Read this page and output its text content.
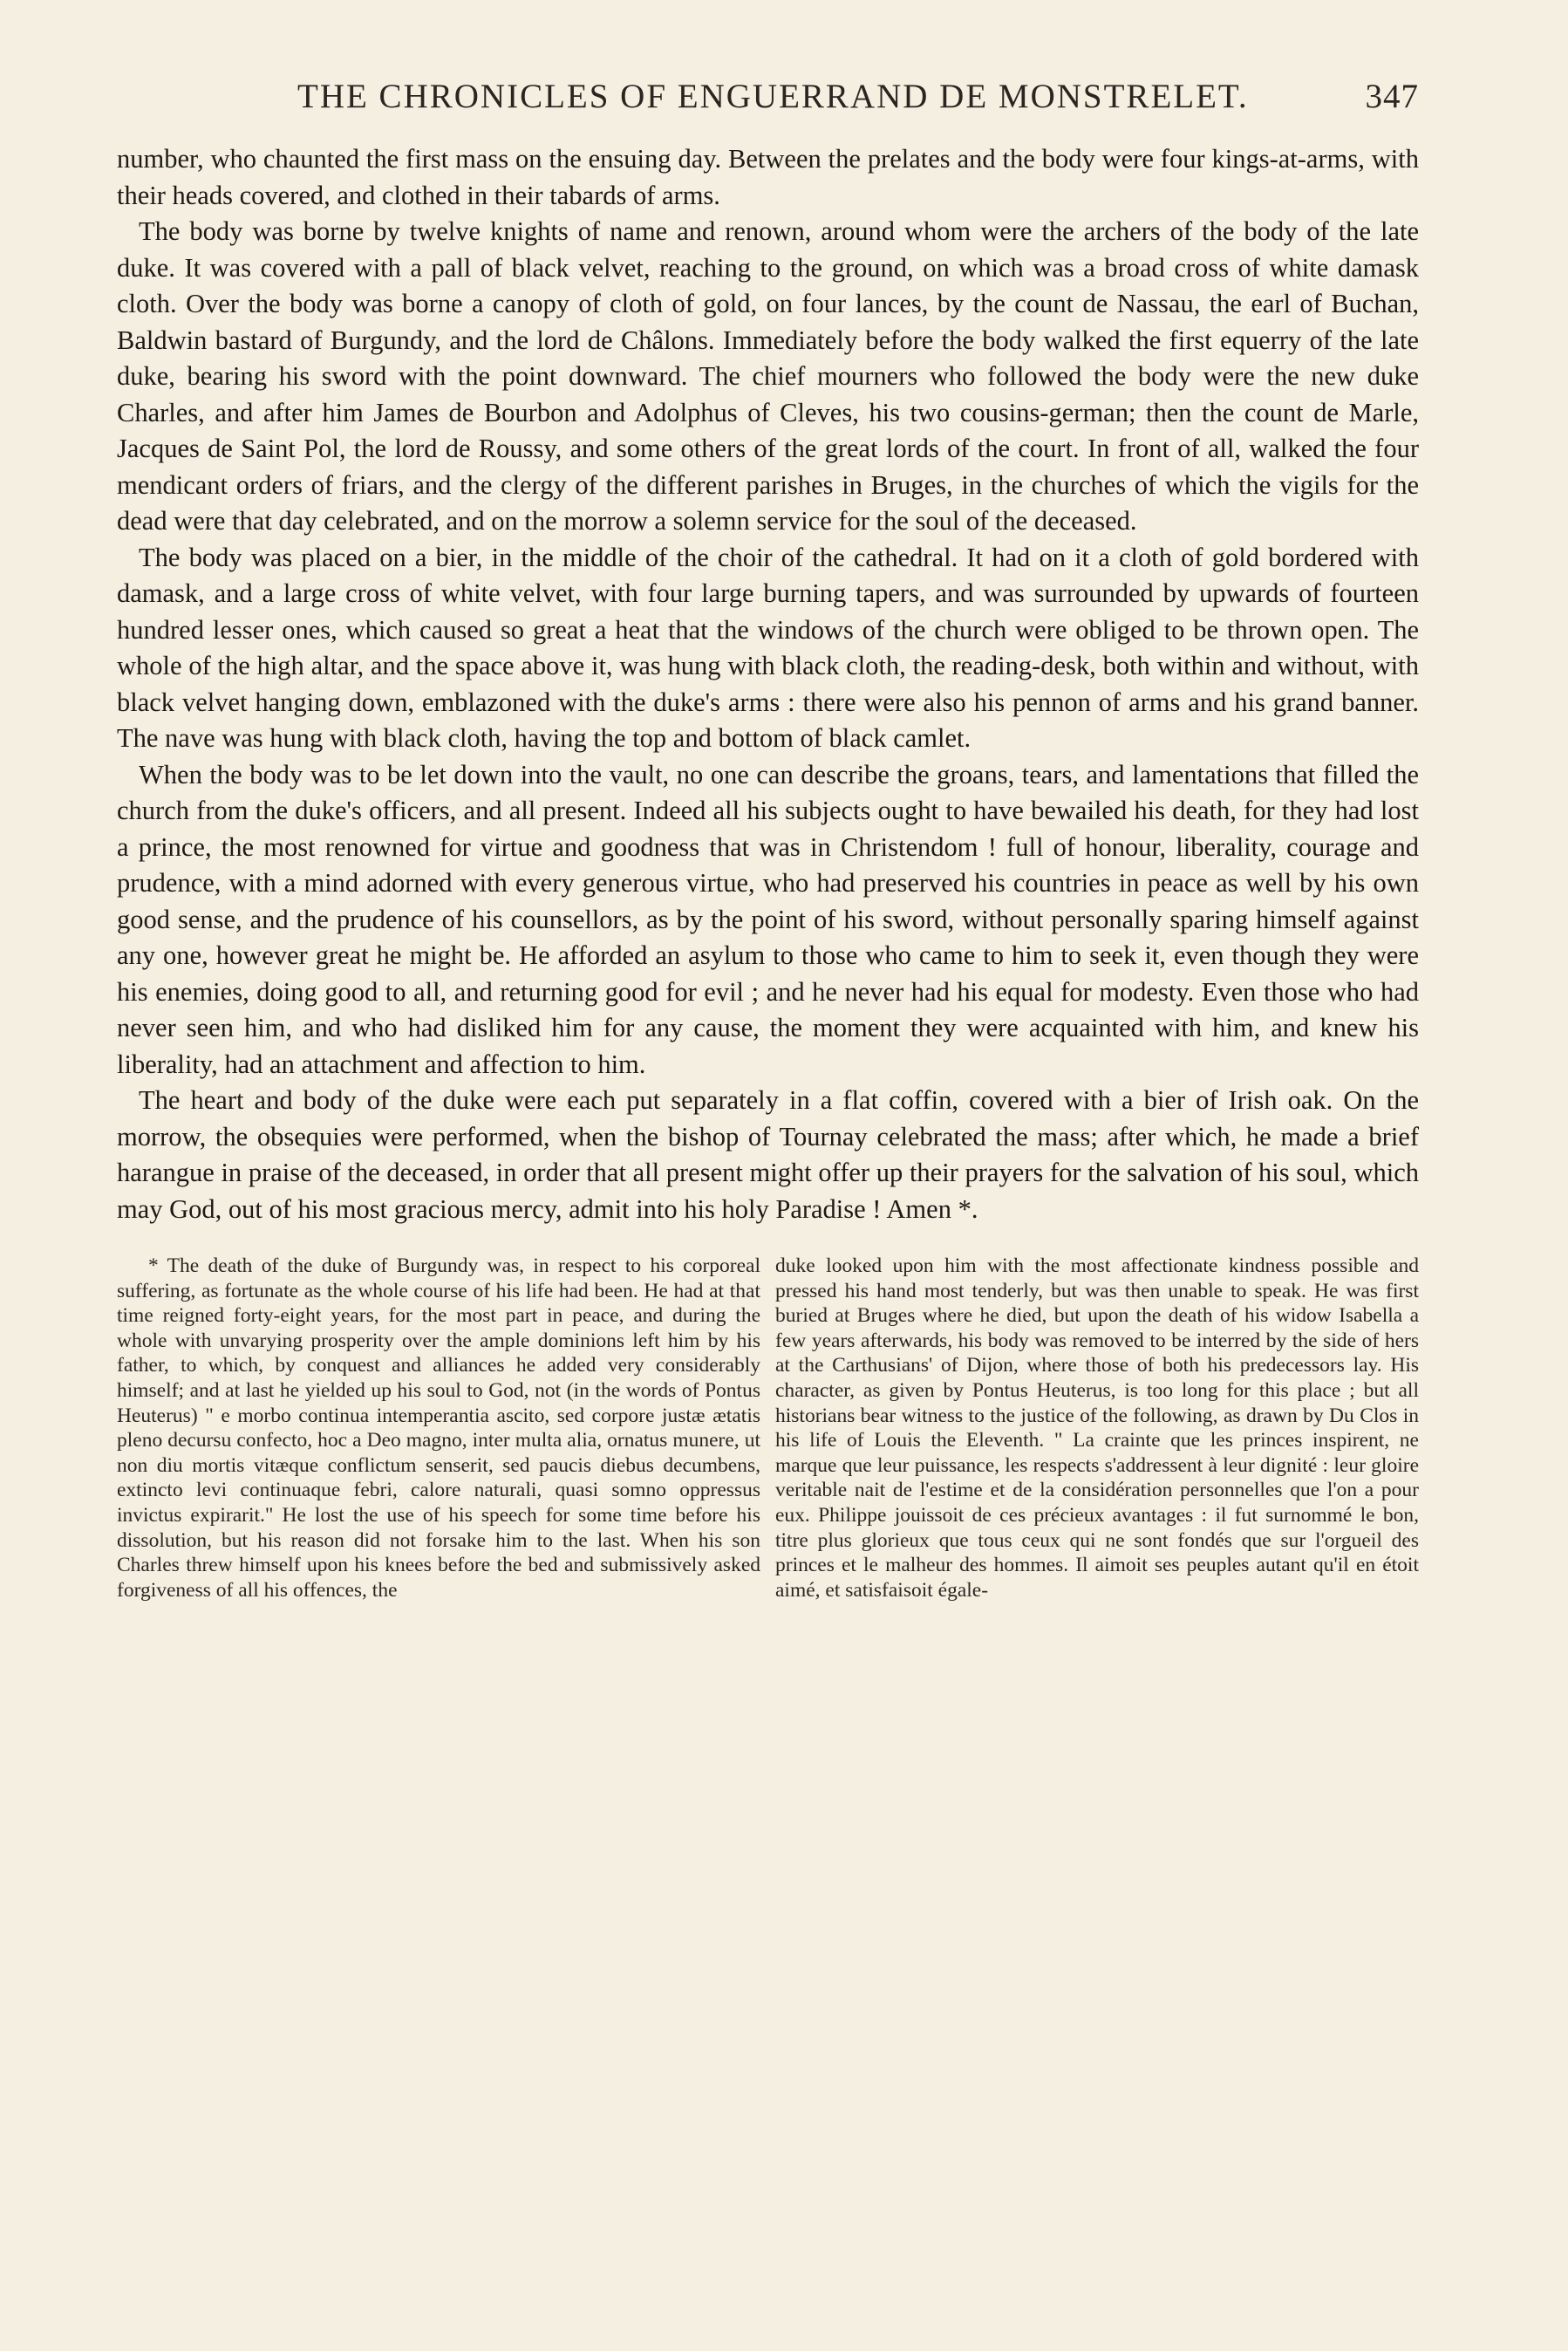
THE CHRONICLES OF ENGUERRAND DE MONSTRELET.	347

number, who chaunted the first mass on the ensuing day. Between the prelates and the body were four kings-at-arms, with their heads covered, and clothed in their tabards of arms.

The body was borne by twelve knights of name and renown, around whom were the archers of the body of the late duke. It was covered with a pall of black velvet, reaching to the ground, on which was a broad cross of white damask cloth. Over the body was borne a canopy of cloth of gold, on four lances, by the count de Nassau, the earl of Buchan, Baldwin bastard of Burgundy, and the lord de Châlons. Immediately before the body walked the first equerry of the late duke, bearing his sword with the point downward. The chief mourners who followed the body were the new duke Charles, and after him James de Bourbon and Adolphus of Cleves, his two cousins-german; then the count de Marle, Jacques de Saint Pol, the lord de Roussy, and some others of the great lords of the court. In front of all, walked the four mendicant orders of friars, and the clergy of the different parishes in Bruges, in the churches of which the vigils for the dead were that day celebrated, and on the morrow a solemn service for the soul of the deceased.

The body was placed on a bier, in the middle of the choir of the cathedral. It had on it a cloth of gold bordered with damask, and a large cross of white velvet, with four large burning tapers, and was surrounded by upwards of fourteen hundred lesser ones, which caused so great a heat that the windows of the church were obliged to be thrown open. The whole of the high altar, and the space above it, was hung with black cloth, the reading-desk, both within and without, with black velvet hanging down, emblazoned with the duke's arms : there were also his pennon of arms and his grand banner. The nave was hung with black cloth, having the top and bottom of black camlet.

When the body was to be let down into the vault, no one can describe the groans, tears, and lamentations that filled the church from the duke's officers, and all present. Indeed all his subjects ought to have bewailed his death, for they had lost a prince, the most renowned for virtue and goodness that was in Christendom ! full of honour, liberality, courage and prudence, with a mind adorned with every generous virtue, who had preserved his countries in peace as well by his own good sense, and the prudence of his counsellors, as by the point of his sword, without personally sparing himself against any one, however great he might be. He afforded an asylum to those who came to him to seek it, even though they were his enemies, doing good to all, and returning good for evil ; and he never had his equal for modesty. Even those who had never seen him, and who had disliked him for any cause, the moment they were acquainted with him, and knew his liberality, had an attachment and affection to him.

The heart and body of the duke were each put separately in a flat coffin, covered with a bier of Irish oak. On the morrow, the obsequies were performed, when the bishop of Tournay celebrated the mass; after which, he made a brief harangue in praise of the deceased, in order that all present might offer up their prayers for the salvation of his soul, which may God, out of his most gracious mercy, admit into his holy Paradise ! Amen *.

* The death of the duke of Burgundy was, in respect to his corporeal suffering, as fortunate as the whole course of his life had been. He had at that time reigned forty-eight years, for the most part in peace, and during the whole with unvarying prosperity over the ample dominions left him by his father, to which, by conquest and alliances he added very considerably himself; and at last he yielded up his soul to God, not (in the words of Pontus Heuterus) " e morbo continua intemperantia ascito, sed corpore justæ ætatis pleno decursu confecto, hoc a Deo magno, inter multa alia, ornatus munere, ut non diu mortis vitæque conflictum senserit, sed paucis diebus decumbens, extincto levi continuaque febri, calore naturali, quasi somno oppressus invictus expirarit." He lost the use of his speech for some time before his dissolution, but his reason did not forsake him to the last. When his son Charles threw himself upon his knees before the bed and submissively asked forgiveness of all his offences, the

duke looked upon him with the most affectionate kindness possible and pressed his hand most tenderly, but was then unable to speak. He was first buried at Bruges where he died, but upon the death of his widow Isabella a few years afterwards, his body was removed to be interred by the side of hers at the Carthusians' of Dijon, where those of both his predecessors lay. His character, as given by Pontus Heuterus, is too long for this place ; but all historians bear witness to the justice of the following, as drawn by Du Clos in his life of Louis the Eleventh. " La crainte que les princes inspirent, ne marque que leur puissance, les respects s'addressent à leur dignité : leur gloire veritable nait de l'estime et de la considération personnelles que l'on a pour eux. Philippe jouissoit de ces précieux avantages : il fut surnommé le bon, titre plus glorieux que tous ceux qui ne sont fondés que sur l'orgueil des princes et le malheur des hommes. Il aimoit ses peuples autant qu'il en étoit aimé, et satisfaisoit égale-
